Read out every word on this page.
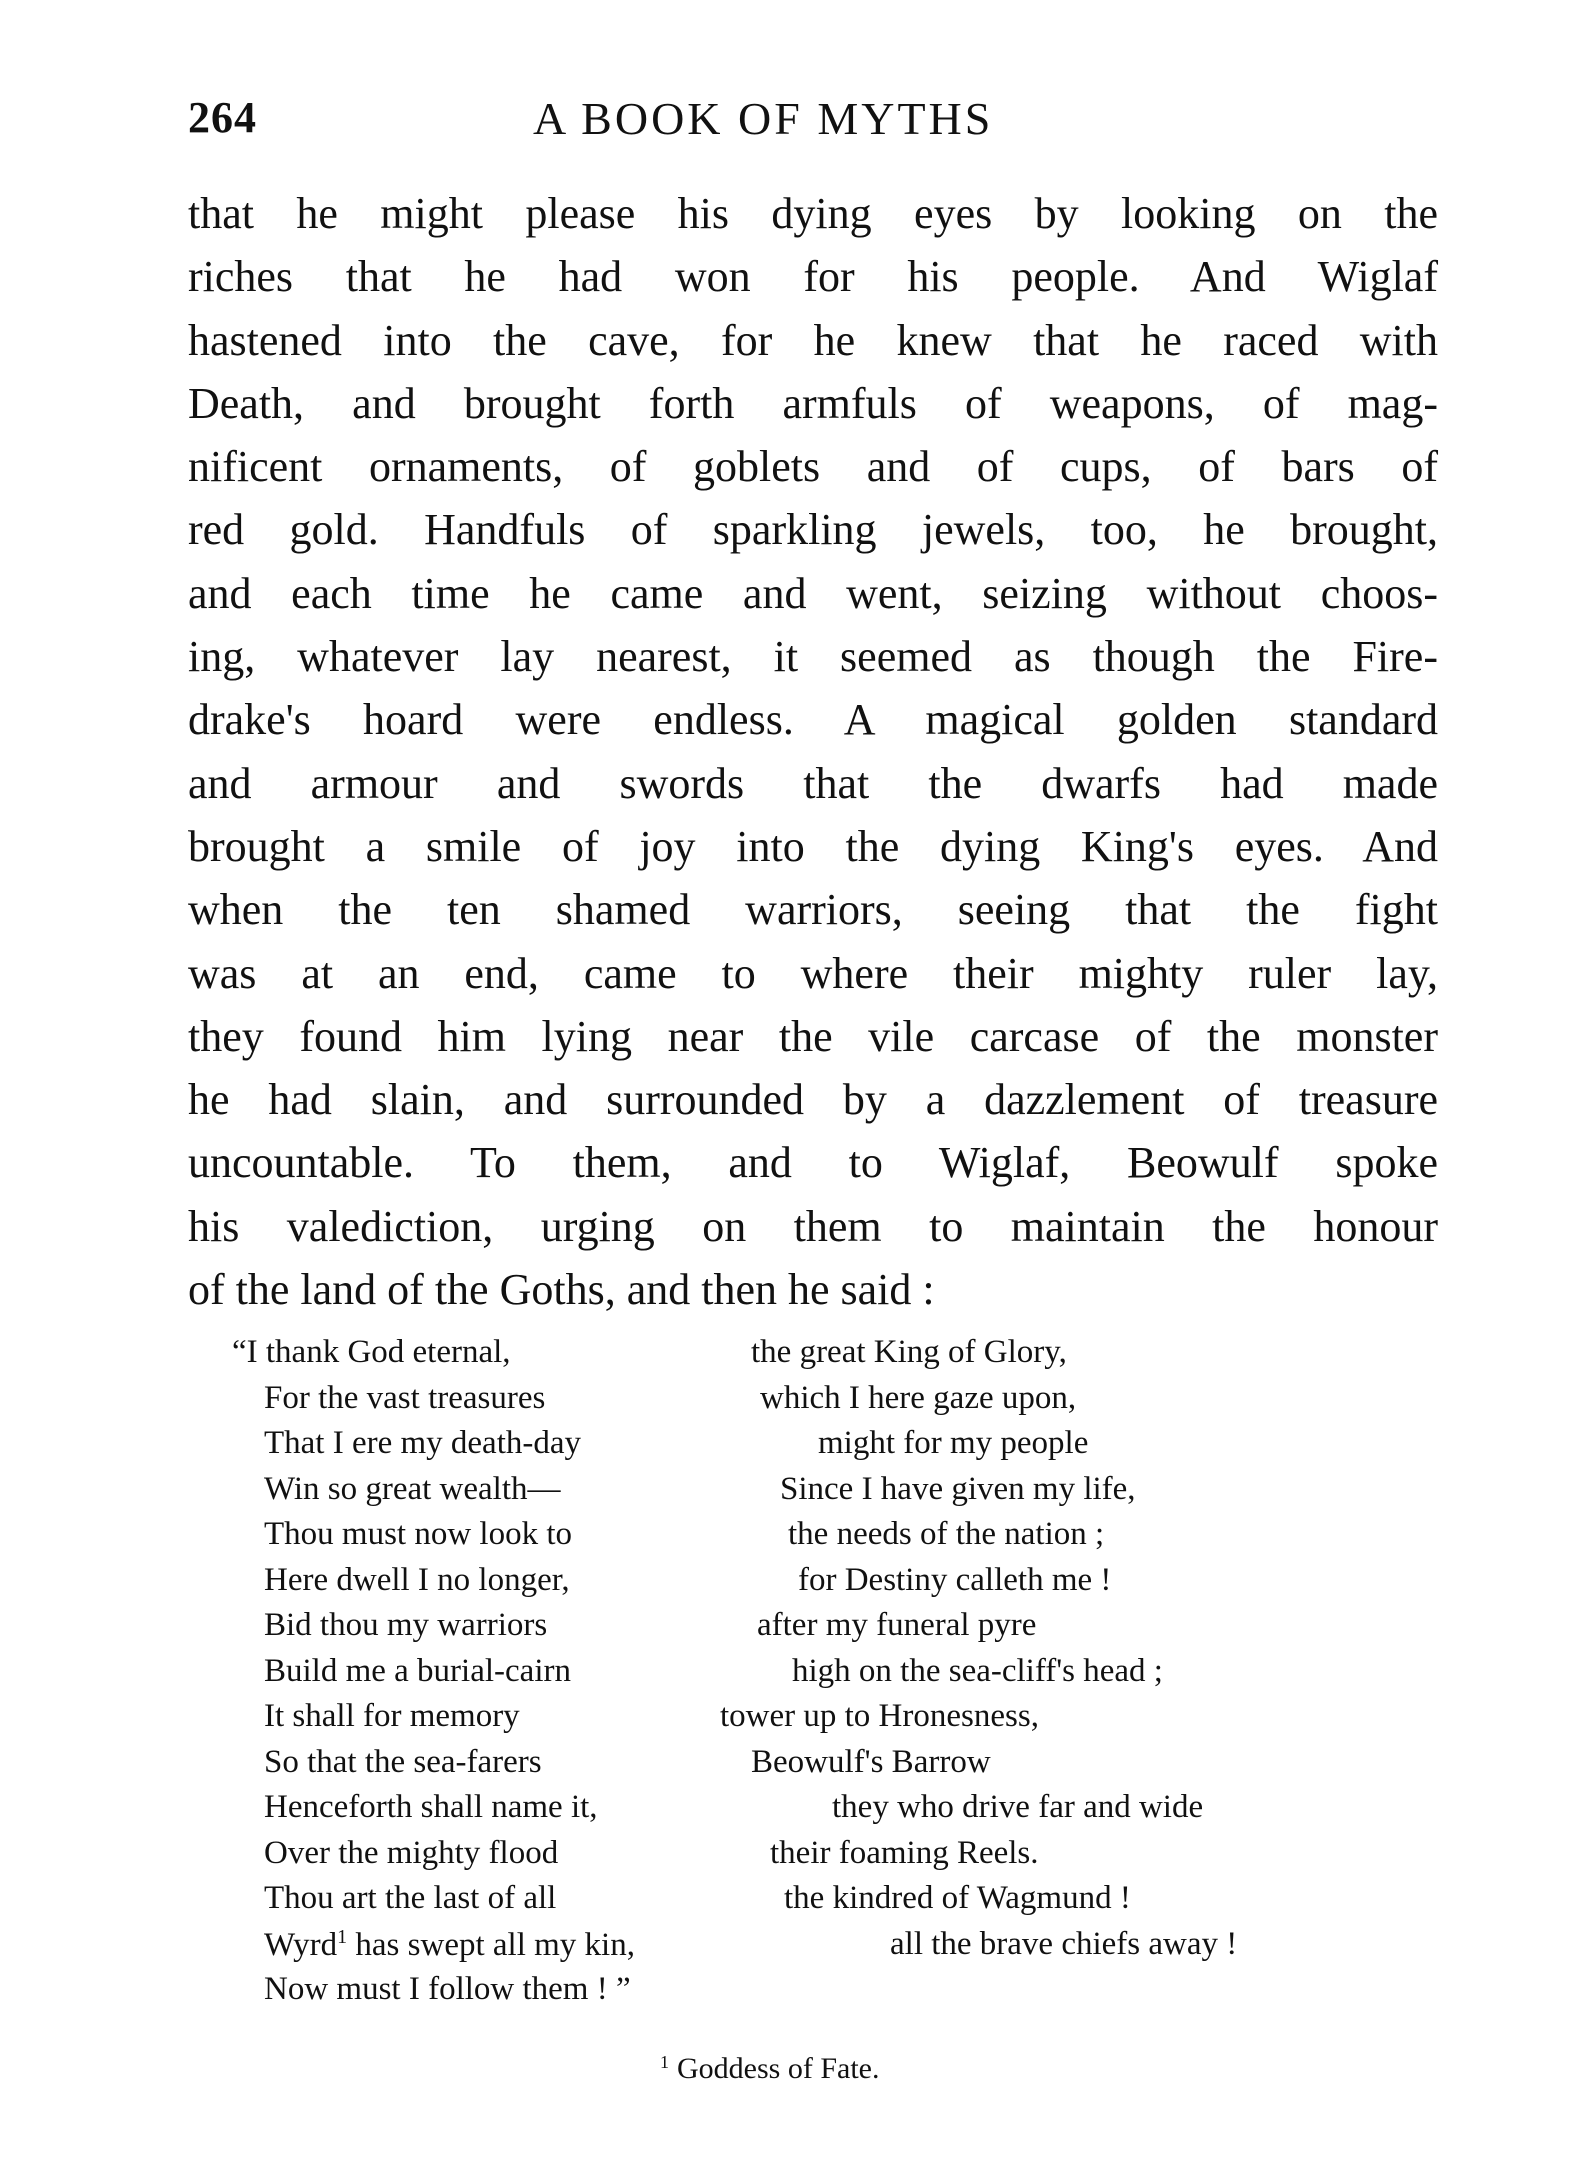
264	A BOOK OF MYTHS
that he might please his dying eyes by looking on the
riches that he had won for his people. And Wiglaf
hastened into the cave, for he knew that he raced with
Death, and brought forth armfuls of weapons, of mag-
nificent ornaments, of goblets and of cups, of bars of
red gold. Handfuls of sparkling jewels, too, he brought,
and each time he came and went, seizing without choos-
ing, whatever lay nearest, it seemed as though the Fire-
drake's hoard were endless. A magical golden standard
and armour and swords that the dwarfs had made
brought a smile of joy into the dying King's eyes. And
when the ten shamed warriors, seeing that the fight
was at an end, came to where their mighty ruler lay,
they found him lying near the vile carcase of the monster
he had slain, and surrounded by a dazzlement of treasure
uncountable. To them, and to Wiglaf, Beowulf spoke
his valediction, urging on them to maintain the honour
of the land of the Goths, and then he said :
“I thank God eternal,	the great King of Glory,
For the vast treasures	which I here gaze upon,
That I ere my death-day	might for my people
Win so great wealth—	Since I have given my life,
Thou must now look to	the needs of the nation ;
Here dwell I no longer,	for Destiny calleth me !
Bid thou my warriors	after my funeral pyre
Build me a burial-cairn	high on the sea-cliff's head ;
It shall for memory	tower up to Hronesness,
So that the sea-farers	Beowulf's Barrow
Henceforth shall name it,	they who drive far and wide
Over the mighty flood	their foaming Reels.
Thou art the last of all	the kindred of Wagmund !
Wyrd$^1$ has swept all my kin,	all the brave chiefs away !
Now must I follow them ! ”
$^1$ Goddess of Fate.
